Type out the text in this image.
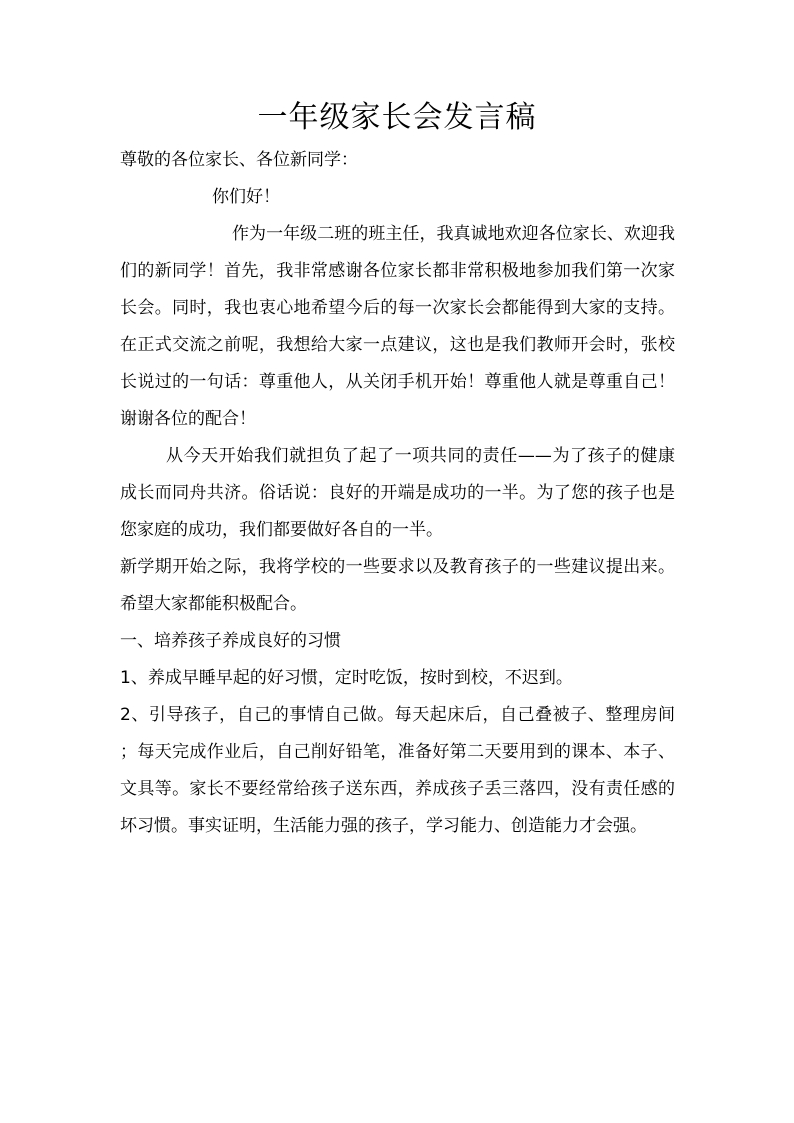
一年级家长会发言稿

尊敬的各位家长、各位新同学：

你们好！

作为一年级二班的班主任，我真诚地欢迎各位家长、欢迎我们的新同学！首先，我非常感谢各位家长都非常积极地参加我们第一次家长会。同时，我也衷心地希望今后的每一次家长会都能得到大家的支持。在正式交流之前呢，我想给大家一点建议，这也是我们教师开会时，张校长说过的一句话：尊重他人，从关闭手机开始！尊重他人就是尊重自己！谢谢各位的配合！

从今天开始我们就担负了起了一项共同的责任——为了孩子的健康成长而同舟共济。俗话说：良好的开端是成功的一半。为了您的孩子也是您家庭的成功，我们都要做好各自的一半。

新学期开始之际，我将学校的一些要求以及教育孩子的一些建议提出来。希望大家都能积极配合。

一、培养孩子养成良好的习惯

1、养成早睡早起的好习惯，定时吃饭，按时到校，不迟到。

2、引导孩子，自己的事情自己做。每天起床后，自己叠被子、整理房间 ；每天完成作业后，自己削好铅笔，准备好第二天要用到的课本、本子、文具等。家长不要经常给孩子送东西，养成孩子丢三落四，没有责任感的坏习惯。事实证明，生活能力强的孩子，学习能力、创造能力才会强。
